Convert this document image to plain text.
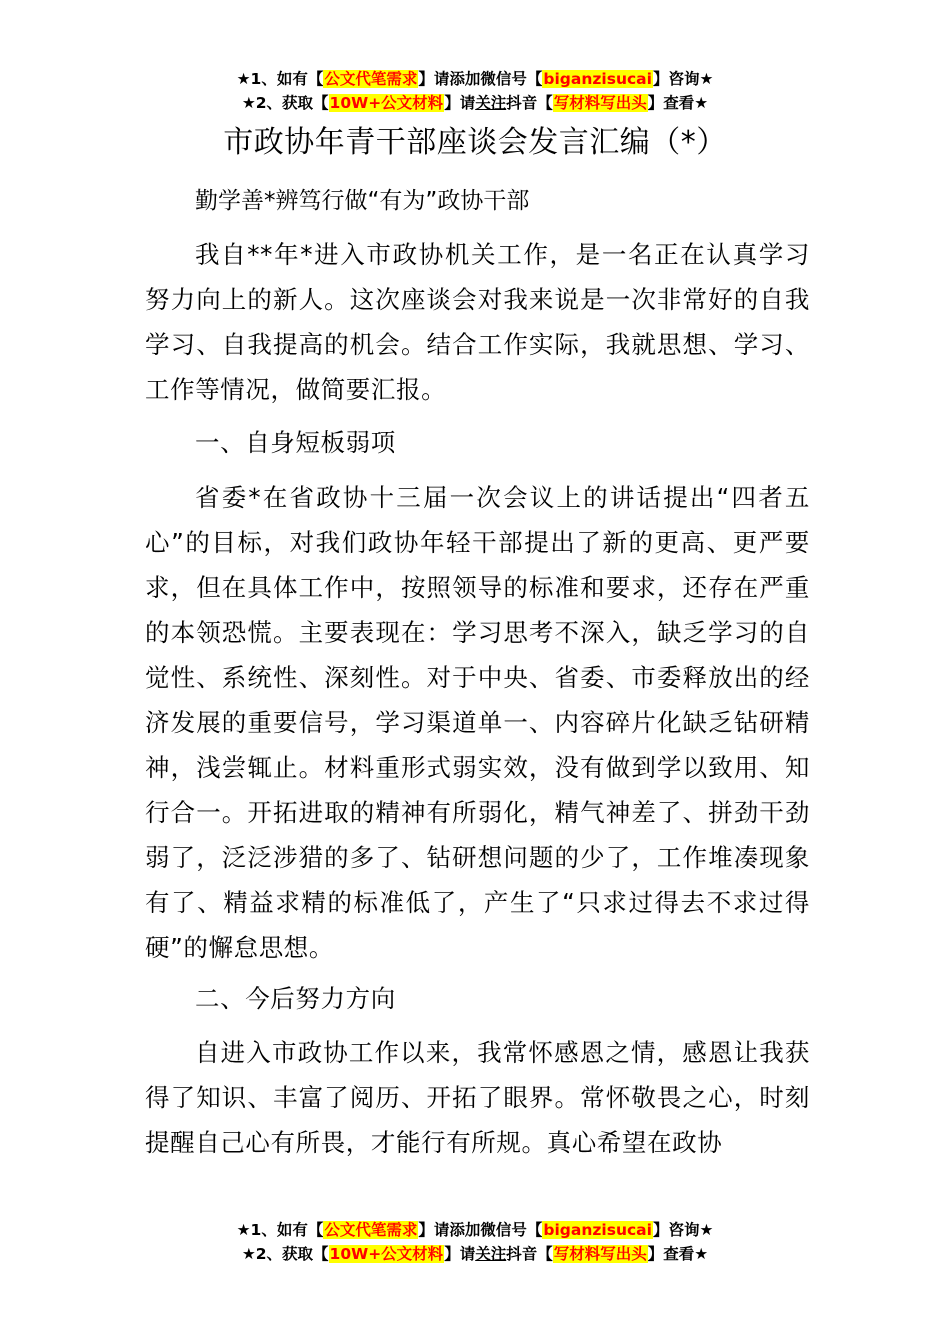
★1、如有【公文代笔需求】请添加微信号【biganzisucai】咨询★
★2、获取【10W+公文材料】请关注抖音【写材料写出头】查看★
市政协年青干部座谈会发言汇编（*）
勤学善*辨笃行做“有为”政协干部
我自**年*进入市政协机关工作，是一名正在认真学习努力向上的新人。这次座谈会对我来说是一次非常好的自我学习、自我提高的机会。结合工作实际，我就思想、学习、工作等情况，做简要汇报。
一、自身短板弱项
省委*在省政协十三届一次会议上的讲话提出“四者五心”的目标，对我们政协年轻干部提出了新的更高、更严要求，但在具体工作中，按照领导的标准和要求，还存在严重的本领恐慌。主要表现在：学习思考不深入，缺乏学习的自觉性、系统性、深刻性。对于中央、省委、市委释放出的经济发展的重要信号，学习渠道单一、内容碎片化缺乏钻研精神，浅尝辄止。材料重形式弱实效，没有做到学以致用、知行合一。开拓进取的精神有所弱化，精气神差了、拼劲干劲弱了，泛泛涉猎的多了、钻研想问题的少了，工作堆凑现象有了、精益求精的标准低了，产生了“只求过得去不求过得硬”的懈怠思想。
二、今后努力方向
自进入市政协工作以来，我常怀感恩之情，感恩让我获得了知识、丰富了阅历、开拓了眼界。常怀敬畏之心，时刻提醒自己心有所畏，才能行有所规。真心希望在政协
★1、如有【公文代笔需求】请添加微信号【biganzisucai】咨询★
★2、获取【10W+公文材料】请关注抖音【写材料写出头】查看★
